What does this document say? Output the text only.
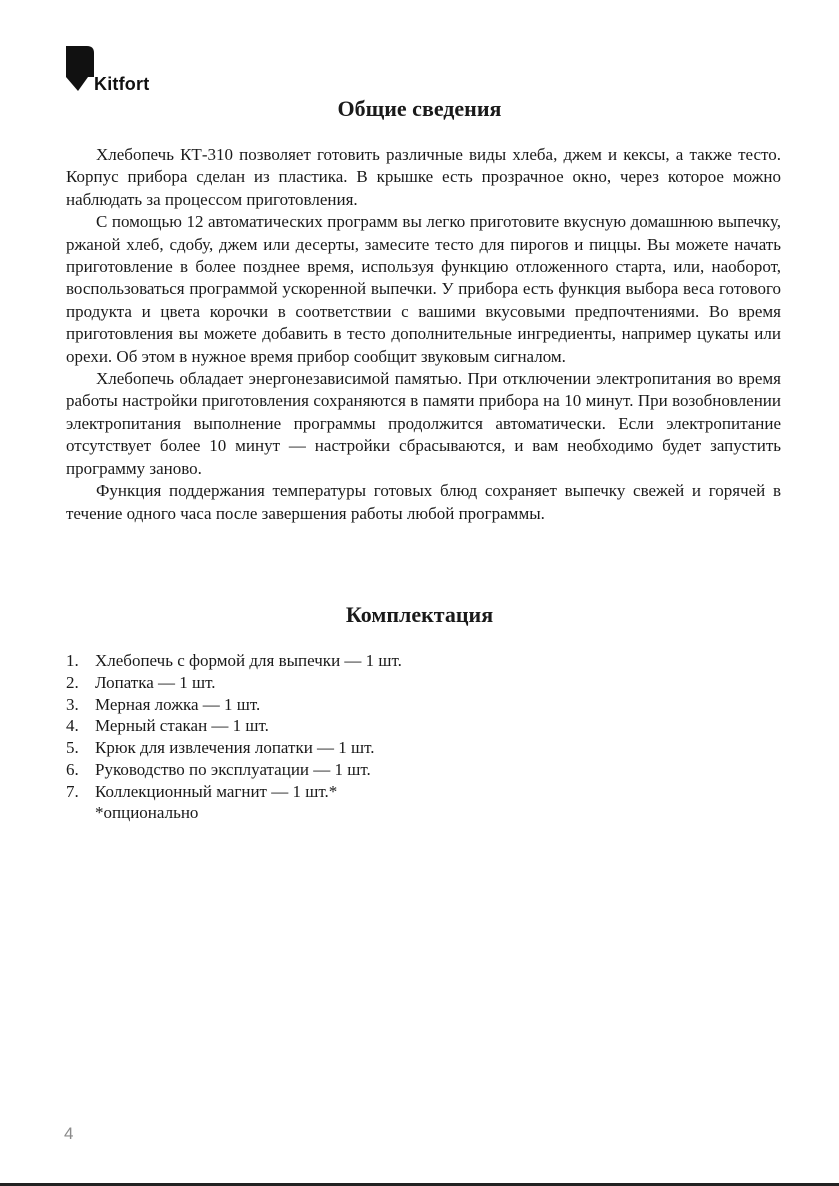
Kitfort
Общие сведения

Хлебопечь КТ-310 позволяет готовить различные виды хлеба, джем и кексы, а также тесто. Корпус прибора сделан из пластика. В крышке есть прозрачное окно, через которое можно наблюдать за процессом приготовления.

С помощью 12 автоматических программ вы легко приготовите вкусную домашнюю выпечку, ржаной хлеб, сдобу, джем или десерты, замесите тесто для пирогов и пиццы. Вы можете начать приготовление в более позднее время, используя функцию отложенного старта, или, наоборот, воспользоваться программой ускоренной выпечки. У прибора есть функция выбора веса готового продукта и цвета корочки в соответствии с вашими вкусовыми предпочтениями. Во время приготовления вы можете добавить в тесто дополнительные ингредиенты, например цукаты или орехи. Об этом в нужное время прибор сообщит звуковым сигналом.

Хлебопечь обладает энергонезависимой памятью. При отключении электропитания во время работы настройки приготовления сохраняются в памяти прибора на 10 минут. При возобновлении электропитания выполнение программы продолжится автоматически. Если электропитание отсутствует более 10 минут — настройки сбрасываются, и вам необходимо будет запустить программу заново.

Функция поддержания температуры готовых блюд сохраняет выпечку свежей и горячей в течение одного часа после завершения работы любой программы.

Комплектация
1. Хлебопечь с формой для выпечки — 1 шт.
2. Лопатка — 1 шт.
3. Мерная ложка — 1 шт.
4. Мерный стакан — 1 шт.
5. Крюк для извлечения лопатки — 1 шт.
6. Руководство по эксплуатации — 1 шт.
7. Коллекционный магнит — 1 шт.*
*опционально
4
